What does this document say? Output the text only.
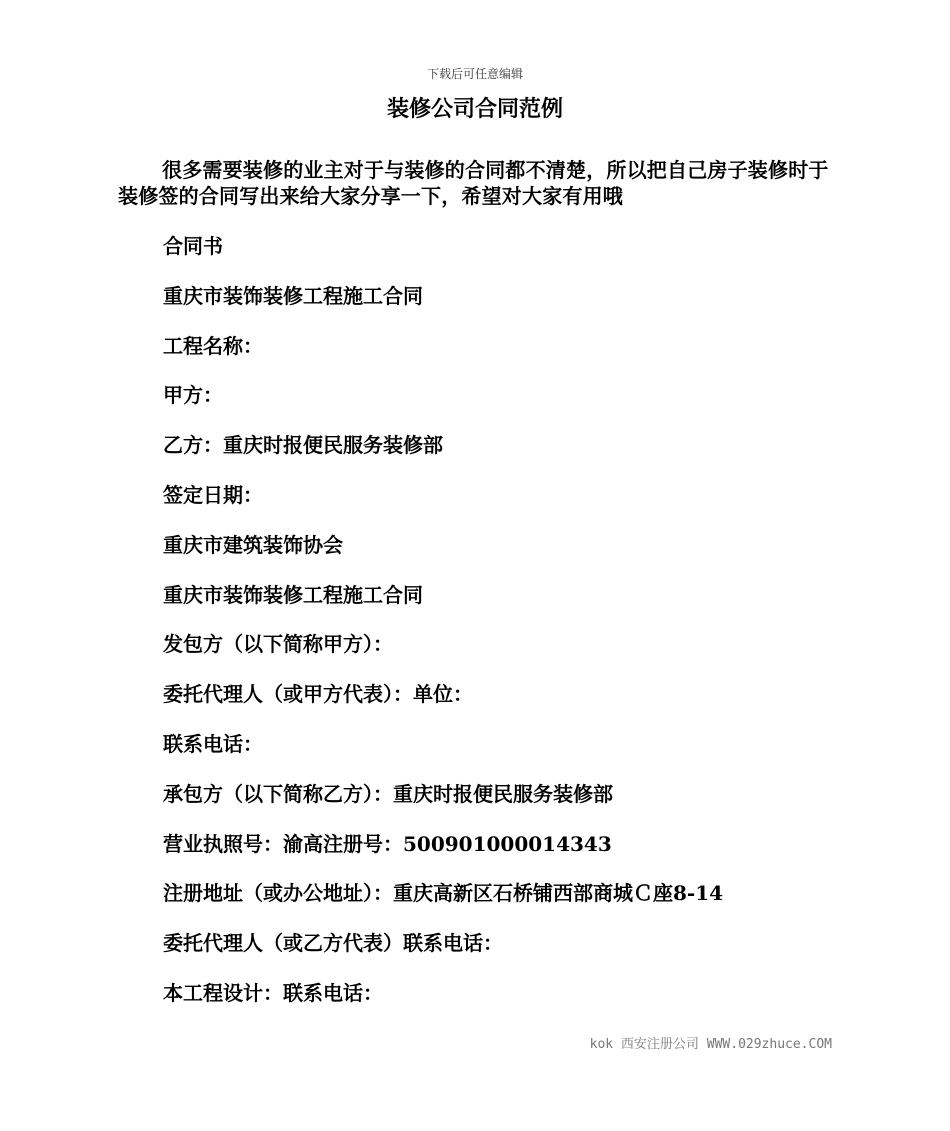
下载后可任意编辑
装修公司合同范例

很多需要装修的业主对于与装修的合同都不清楚，所以把自己房子装修时于装修签的合同写出来给大家分享一下，希望对大家有用哦

合同书
重庆市装饰装修工程施工合同
工程名称：
甲方：
乙方：重庆时报便民服务装修部
签定日期：
重庆市建筑装饰协会
重庆市装饰装修工程施工合同
发包方（以下简称甲方）：
委托代理人（或甲方代表）：单位：
联系电话：
承包方（以下简称乙方）：重庆时报便民服务装修部
营业执照号：渝高注册号：500901000014343
注册地址（或办公地址）：重庆高新区石桥铺西部商城Ｃ座8-14
委托代理人（或乙方代表）联系电话：
本工程设计：联系电话：
kok 西安注册公司 WWW.029zhuce.COM
